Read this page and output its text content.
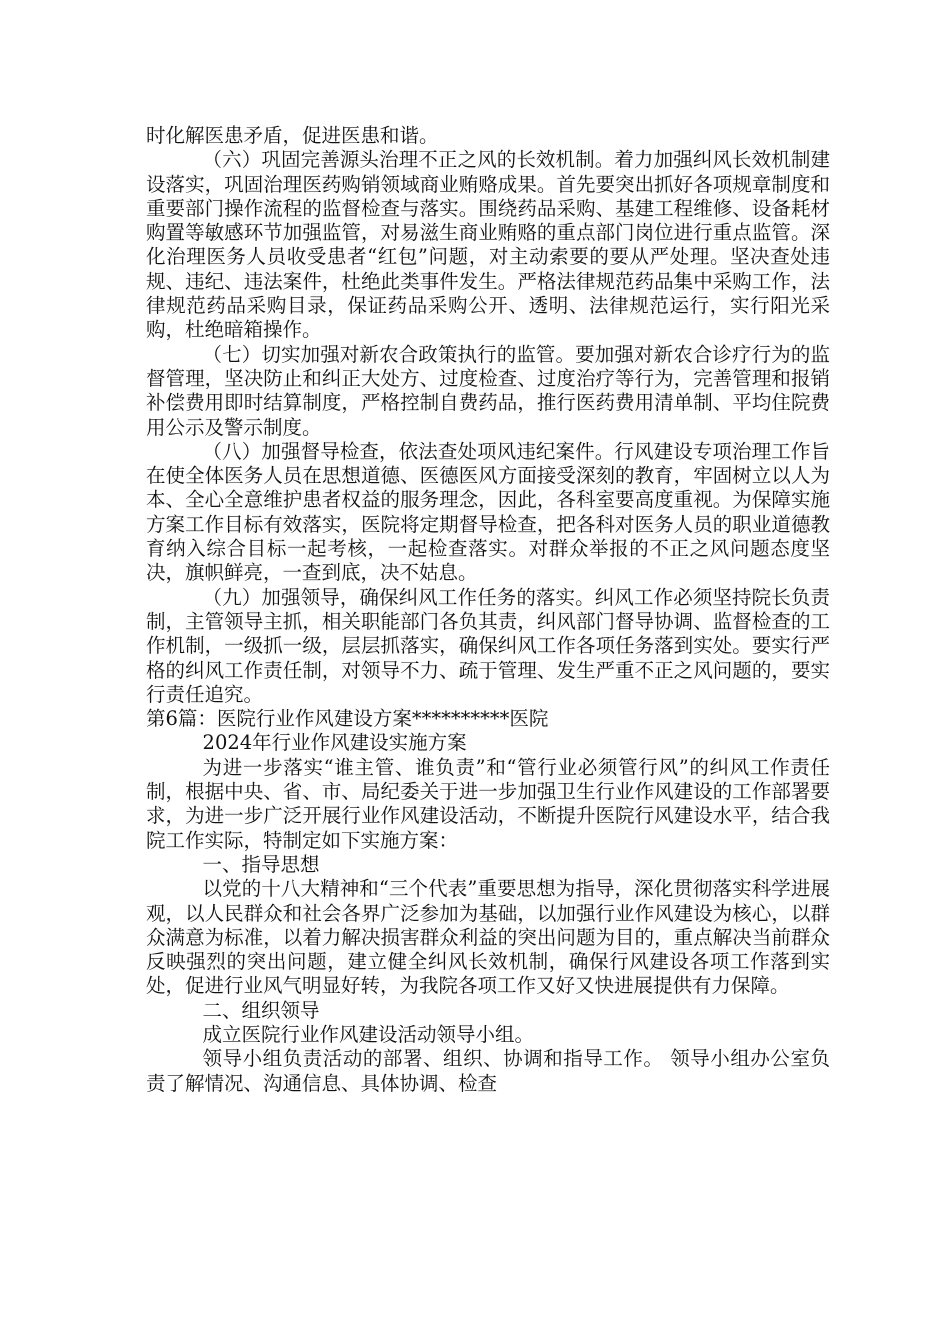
时化解医患矛盾，促进医患和谐。

（六）巩固完善源头治理不正之风的长效机制。着力加强纠风长效机制建设落实，巩固治理医药购销领域商业贿赂成果。首先要突出抓好各项规章制度和重要部门操作流程的监督检查与落实。围绕药品采购、基建工程维修、设备耗材购置等敏感环节加强监管，对易滋生商业贿赂的重点部门岗位进行重点监管。深化治理医务人员收受患者“红包”问题，对主动索要的要从严处理。坚决查处违规、违纪、违法案件，杜绝此类事件发生。严格法律规范药品集中采购工作，法律规范药品采购目录，保证药品采购公开、透明、法律规范运行，实行阳光采购，杜绝暗箱操作。

（七）切实加强对新农合政策执行的监管。要加强对新农合诊疗行为的监督管理，坚决防止和纠正大处方、过度检查、过度治疗等行为，完善管理和报销补偿费用即时结算制度，严格控制自费药品，推行医药费用清单制、平均住院费用公示及警示制度。

（八）加强督导检查，依法查处项风违纪案件。行风建设专项治理工作旨在使全体医务人员在思想道德、医德医风方面接受深刻的教育，牢固树立以人为本、全心全意维护患者权益的服务理念，因此，各科室要高度重视。为保障实施方案工作目标有效落实，医院将定期督导检查，把各科对医务人员的职业道德教育纳入综合目标一起考核，一起检查落实。对群众举报的不正之风问题态度坚决，旗帜鲜亮，一查到底，决不姑息。

（九）加强领导，确保纠风工作任务的落实。纠风工作必须坚持院长负责制，主管领导主抓，相关职能部门各负其责，纠风部门督导协调、监督检查的工作机制，一级抓一级，层层抓落实，确保纠风工作各项任务落到实处。要实行严格的纠风工作责任制，对领导不力、疏于管理、发生严重不正之风问题的，要实行责任追究。

第6篇：医院行业作风建设方案**********医院

2024年行业作风建设实施方案

为进一步落实“谁主管、谁负责”和“管行业必须管行风”的纠风工作责任制，根据中央、省、市、局纪委关于进一步加强卫生行业作风建设的工作部署要求，为进一步广泛开展行业作风建设活动，不断提升医院行风建设水平，结合我院工作实际，特制定如下实施方案：

一、指导思想

以党的十八大精神和“三个代表”重要思想为指导，深化贯彻落实科学进展观，以人民群众和社会各界广泛参加为基础，以加强行业作风建设为核心，以群众满意为标准，以着力解决损害群众利益的突出问题为目的，重点解决当前群众反映强烈的突出问题，建立健全纠风长效机制，确保行风建设各项工作落到实处，促进行业风气明显好转，为我院各项工作又好又快进展提供有力保障。

二、组织领导

成立医院行业作风建设活动领导小组。

领导小组负责活动的部署、组织、协调和指导工作。 领导小组办公室负责了解情况、沟通信息、具体协调、检查
